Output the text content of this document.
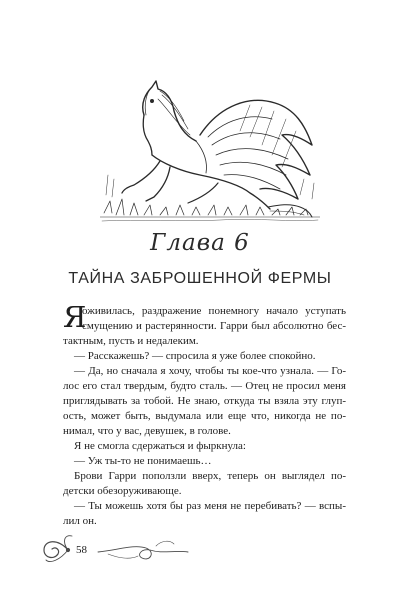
Глава 6
ТАЙНА ЗАБРОШЕННОЙ ФЕРМЫ
Я
оживилась, раздражение понемногу начало уступать
смущению и растерянности. Гарри был абсолютно бес-
тактным, пусть и недалеким.
— Расскажешь? — спросила я уже более спокойно.
— Да, но сначала я хочу, чтобы ты кое-что узнала. — Го-
лос его стал твердым, будто сталь. — Отец не просил меня
приглядывать за тобой. Не знаю, откуда ты взяла эту глуп-
ость, может быть, выдумала или еще что, никогда не по-
нимал, что у вас, девушек, в голове.
Я не смогла сдержаться и фыркнула:
— Уж ты-то не понимаешь…
Брови Гарри поползли вверх, теперь он выглядел по-
детски обезоруживающе.
— Ты можешь хотя бы раз меня не перебивать? — вспы-
лил он.
58
